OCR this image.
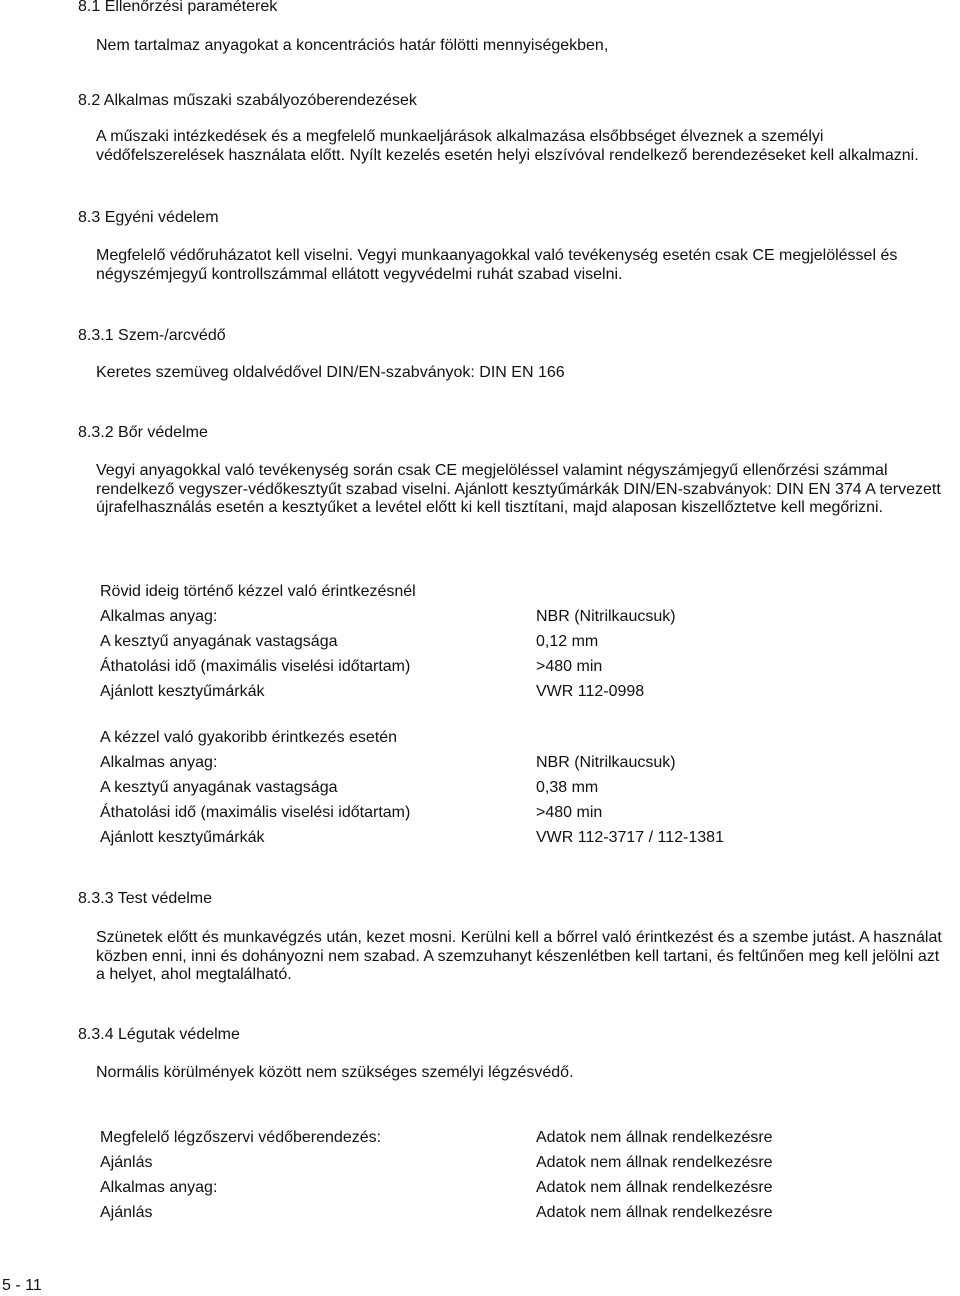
8.1 Ellenőrzési paraméterek
Nem tartalmaz anyagokat a koncentrációs határ fölötti mennyiségekben,
8.2 Alkalmas műszaki szabályozóberendezések
A műszaki intézkedések és a megfelelő munkaeljárások alkalmazása elsőbbséget élveznek a személyi védőfelszerelések használata előtt. Nyílt kezelés esetén helyi elszívóval rendelkező berendezéseket kell alkalmazni.
8.3 Egyéni védelem
Megfelelő védőruházatot kell viselni. Vegyi munkaanyagokkal való tevékenység esetén csak CE megjelöléssel és négyszémjegyű kontrollszámmal ellátott vegyvédelmi ruhát szabad viselni.
8.3.1 Szem-/arcvédő
Keretes szemüveg oldalvédővel DIN/EN-szabványok: DIN EN 166
8.3.2 Bőr védelme
Vegyi anyagokkal való tevékenység során csak CE megjelöléssel valamint négyszámjegyű ellenőrzési számmal rendelkező vegyszer-védőkesztyűt szabad viselni. Ajánlott kesztyűmárkák DIN/EN-szabványok: DIN EN 374 A tervezett újrafelhasználás esetén a kesztyűket a levétel előtt ki kell tisztítani, majd alaposan kiszellőztetve kell megőrizni.
Rövid ideig történő kézzel való érintkezésnél
Alkalmas anyag:	NBR (Nitrilkaucsuk)
A kesztyű anyagának vastagsága	0,12 mm
Áthatolási idő (maximális viselési időtartam)	>480 min
Ajánlott kesztyűmárkák	VWR 112-0998
A kézzel való gyakoribb érintkezés esetén
Alkalmas anyag:	NBR (Nitrilkaucsuk)
A kesztyű anyagának vastagsága	0,38 mm
Áthatolási idő (maximális viselési időtartam)	>480 min
Ajánlott kesztyűmárkák	VWR 112-3717 / 112-1381
8.3.3 Test védelme
Szünetek előtt és munkavégzés után, kezet mosni. Kerülni kell a bőrrel való érintkezést és a szembe jutást. A használat közben enni, inni és dohányozni nem szabad. A szemzuhanyt készenlétben kell tartani, és feltűnően meg kell jelölni azt a helyet, ahol megtalálható.
8.3.4 Légutak védelme
Normális körülmények között nem szükséges személyi légzésvédő.
Megfelelő légzőszervi védőberendezés:	Adatok nem állnak rendelkezésre
Ajánlás	Adatok nem állnak rendelkezésre
Alkalmas anyag:	Adatok nem állnak rendelkezésre
Ajánlás	Adatok nem állnak rendelkezésre
5 - 11
